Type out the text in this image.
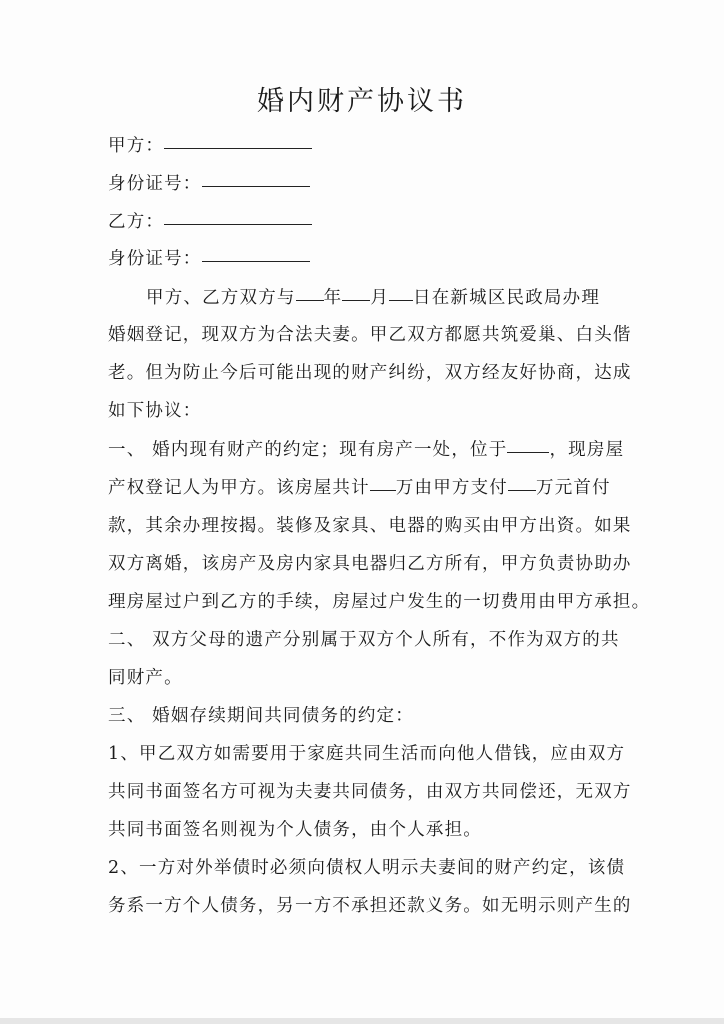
婚内财产协议书
甲方：
身份证号：
乙方：
身份证号：
甲方、乙方双方与 年 月 日在新城区民政局办理
婚姻登记，现双方为合法夫妻。甲乙双方都愿共筑爱巢、白头偕
老。但为防止今后可能出现的财产纠纷，双方经友好协商，达成
如下协议：
一、 婚内现有财产的约定；现有房产一处，位于 ，现房屋
产权登记人为甲方。该房屋共计 万由甲方支付 万元首付
款，其余办理按揭。装修及家具、电器的购买由甲方出资。如果
双方离婚，该房产及房内家具电器归乙方所有，甲方负责协助办
理房屋过户到乙方的手续，房屋过户发生的一切费用由甲方承担。
二、 双方父母的遗产分别属于双方个人所有，不作为双方的共
同财产。
三、 婚姻存续期间共同债务的约定：
1、甲乙双方如需要用于家庭共同生活而向他人借钱，应由双方
共同书面签名方可视为夫妻共同债务，由双方共同偿还，无双方
共同书面签名则视为个人债务，由个人承担。
2、一方对外举债时必须向债权人明示夫妻间的财产约定，该债
务系一方个人债务，另一方不承担还款义务。如无明示则产生的
